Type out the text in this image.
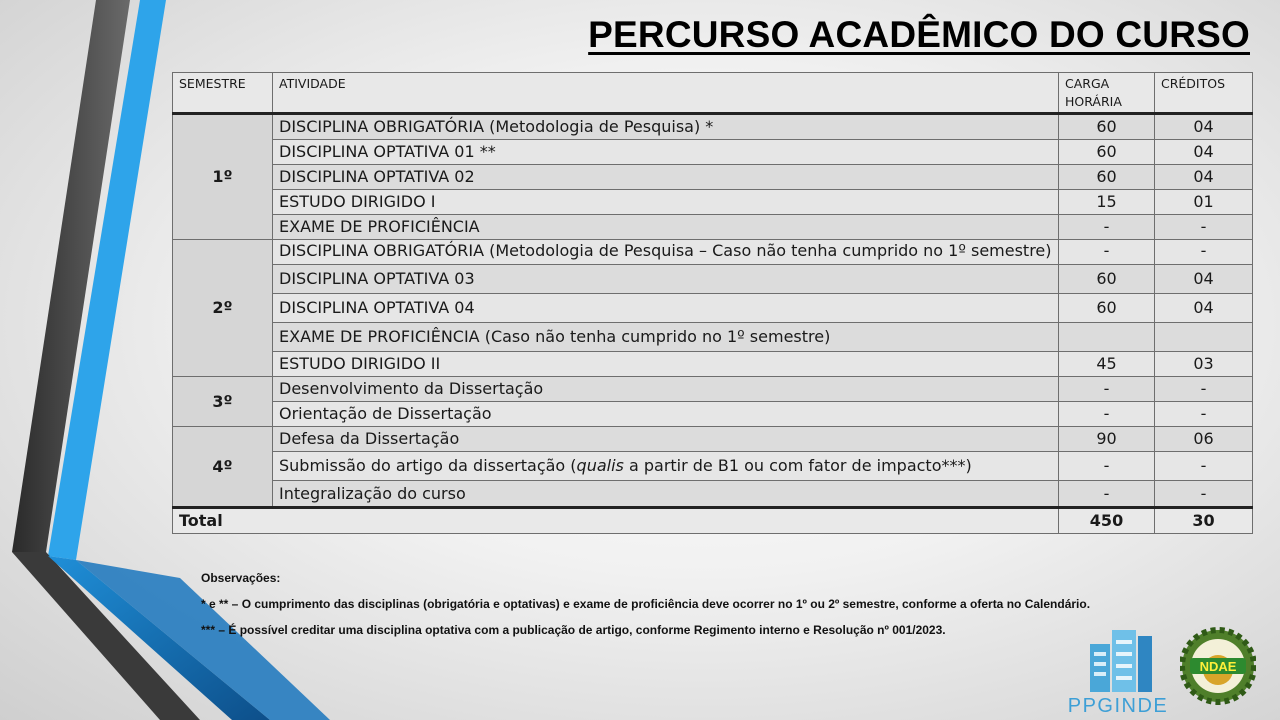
PERCURSO ACADÊMICO DO CURSO
SEMESTRE	ATIVIDADE	CARGA HORÁRIA	CRÉDITOS
1º	DISCIPLINA OBRIGATÓRIA (Metodologia de Pesquisa) *	60	04
	DISCIPLINA OPTATIVA 01 **	60	04
	DISCIPLINA OPTATIVA 02	60	04
	ESTUDO DIRIGIDO I	15	01
	EXAME DE PROFICIÊNCIA	-	-
2º	DISCIPLINA OBRIGATÓRIA (Metodologia de Pesquisa – Caso não tenha cumprido no 1º semestre)	-	-
	DISCIPLINA OPTATIVA 03	60	04
	DISCIPLINA OPTATIVA 04	60	04
	EXAME DE PROFICIÊNCIA (Caso não tenha cumprido no 1º semestre)		
	ESTUDO DIRIGIDO II	45	03
3º	Desenvolvimento da Dissertação	-	-
	Orientação de Dissertação	-	-
4º	Defesa da Dissertação	90	06
	Submissão do artigo da dissertação (qualis a partir de B1 ou com fator de impacto***)	-	-
	Integralização do curso	-	-
Total		450	30

Observações:

* e ** – O cumprimento das disciplinas (obrigatória e optativas) e exame de proficiência deve ocorrer no 1º ou 2º semestre, conforme a oferta no Calendário.

*** – É possível creditar uma disciplina optativa com a publicação de artigo, conforme Regimento interno e Resolução nº 001/2023.

PPGINDE
NDAE
